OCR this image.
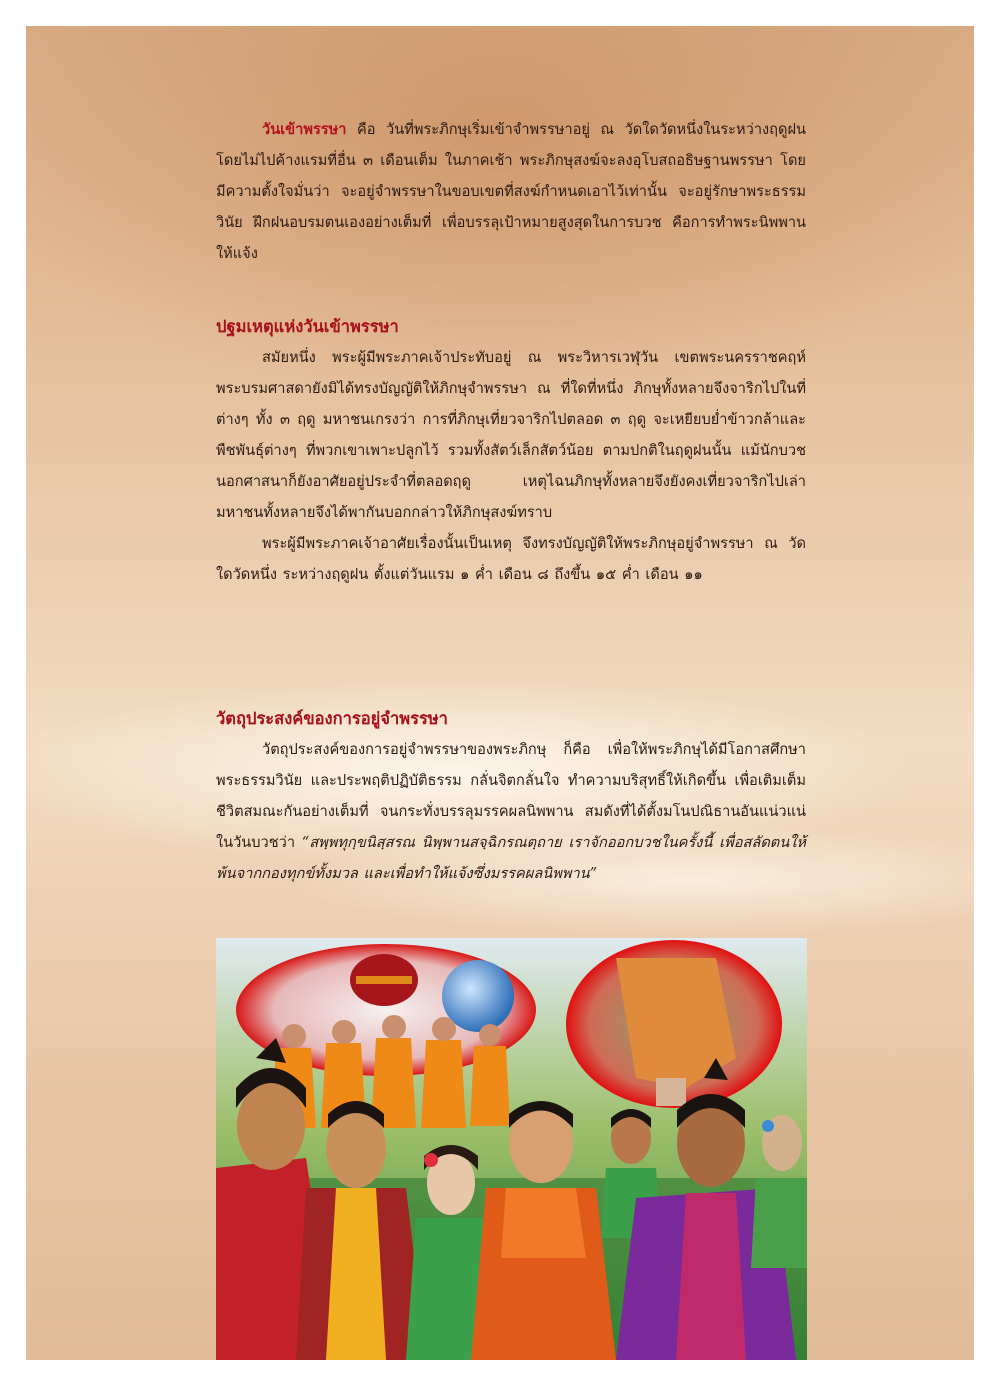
วันเข้าพรรษา คือ วันที่พระภิกษุเริ่มเข้าจำพรรษาอยู่ ณ วัดใดวัดหนึ่งในระหว่างฤดูฝนโดยไม่ไปค้างแรมที่อื่น ๓ เดือนเต็ม ในภาคเช้า พระภิกษุสงฆ์จะลงอุโบสถอธิษฐานพรรษา โดยมีความตั้งใจมั่นว่า จะอยู่จำพรรษาในขอบเขตที่สงฆ์กำหนดเอาไว้เท่านั้น จะอยู่รักษาพระธรรมวินัย ฝึกฝนอบรมตนเองอย่างเต็มที่ เพื่อบรรลุเป้าหมายสูงสุดในการบวช คือการทำพระนิพพานให้แจ้ง

ปฐมเหตุแห่งวันเข้าพรรษา

สมัยหนึ่ง พระผู้มีพระภาคเจ้าประทับอยู่ ณ พระวิหารเวฬุวัน เขตพระนครราชคฤห์ พระบรมศาสดายังมิได้ทรงบัญญัติให้ภิกษุจำพรรษา ณ ที่ใดที่หนึ่ง ภิกษุทั้งหลายจึงจาริกไปในที่ต่างๆ ทั้ง ๓ ฤดู มหาชนเกรงว่า การที่ภิกษุเที่ยวจาริกไปตลอด ๓ ฤดู จะเหยียบย่ำข้าวกล้าและพืชพันธุ์ต่างๆ ที่พวกเขาเพาะปลูกไว้ รวมทั้งสัตว์เล็กสัตว์น้อย ตามปกติในฤดูฝนนั้น แม้นักบวชนอกศาสนาก็ยังอาศัยอยู่ประจำที่ตลอดฤดู เหตุไฉนภิกษุทั้งหลายจึงยังคงเที่ยวจาริกไปเล่า มหาชนทั้งหลายจึงได้พากันบอกกล่าวให้ภิกษุสงฆ์ทราบ

พระผู้มีพระภาคเจ้าอาศัยเรื่องนั้นเป็นเหตุ จึงทรงบัญญัติให้พระภิกษุอยู่จำพรรษา ณ วัดใดวัดหนึ่ง ระหว่างฤดูฝน ตั้งแต่วันแรม ๑ ค่ำ เดือน ๘ ถึงขึ้น ๑๕ ค่ำ เดือน ๑๑

วัตถุประสงค์ของการอยู่จำพรรษา

วัตถุประสงค์ของการอยู่จำพรรษาของพระภิกษุ ก็คือ เพื่อให้พระภิกษุได้มีโอกาสศึกษาพระธรรมวินัย และประพฤติปฏิบัติธรรม กลั่นจิตกลั่นใจ ทำความบริสุทธิ์ให้เกิดขึ้น เพื่อเติมเต็มชีวิตสมณะกันอย่างเต็มที่ จนกระทั่งบรรลุมรรคผลนิพพาน สมดังที่ได้ตั้งมโนปณิธานอันแน่วแน่ในวันบวชว่า “สพฺพทุกฺขนิสฺสรณ นิพฺพานสจฺฉิกรณตฺถาย เราจักออกบวชในครั้งนี้ เพื่อสลัดตนให้พ้นจากกองทุกข์ทั้งมวล และเพื่อทำให้แจ้งซึ่งมรรคผลนิพพาน”
